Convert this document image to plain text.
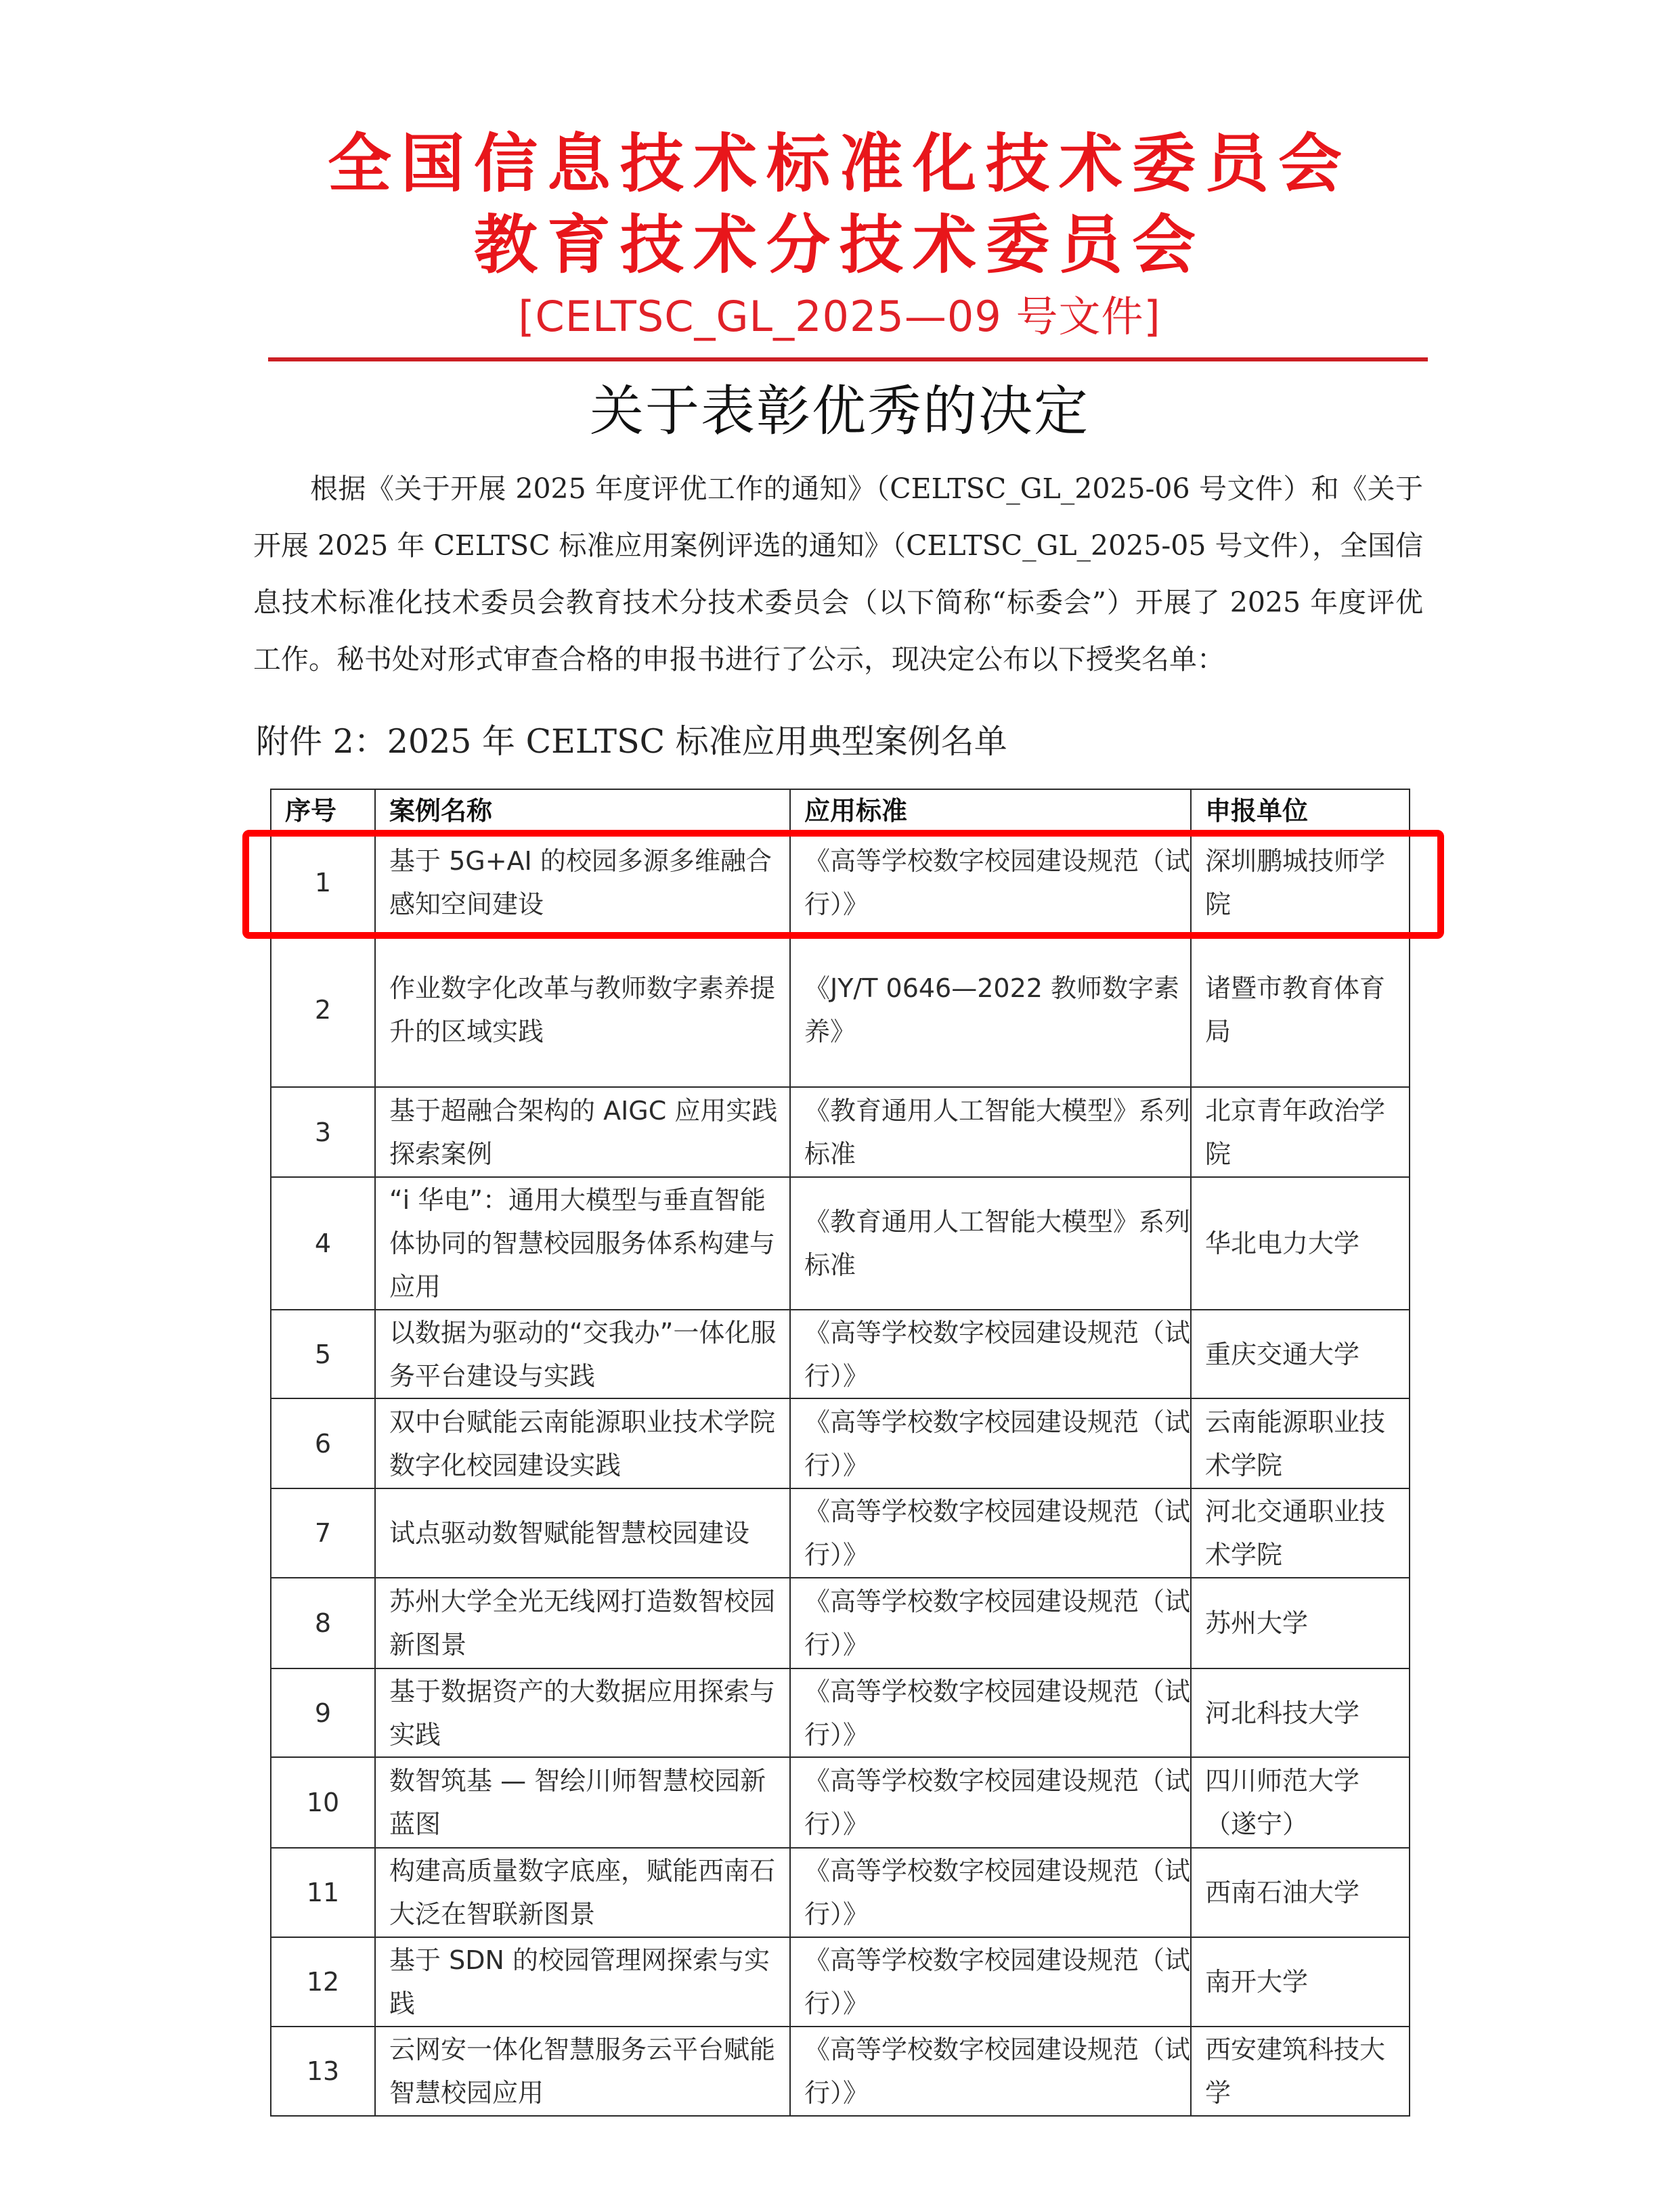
全国信息技术标准化技术委员会
教育技术分技术委员会
[CELTSC_GL_2025—09 号文件]
关于表彰优秀的决定
根据《关于开展 2025 年度评优工作的通知》（CELTSC_GL_2025-06 号文件）和《关于开展 2025 年 CELTSC 标准应用案例评选的通知》（CELTSC_GL_2025-05 号文件），全国信息技术标准化技术委员会教育技术分技术委员会（以下简称“标委会”）开展了 2025 年度评优工作。秘书处对形式审查合格的申报书进行了公示，现决定公布以下授奖名单：
附件 2：2025 年 CELTSC 标准应用典型案例名单
序号	案例名称	应用标准	申报单位
1	基于 5G+AI 的校园多源多维融合感知空间建设	《高等学校数字校园建设规范（试行）》	深圳鹏城技师学院
2	作业数字化改革与教师数字素养提升的区域实践	《JY/T 0646—2022 教师数字素养》	诸暨市教育体育局
3	基于超融合架构的 AIGC 应用实践探索案例	《教育通用人工智能大模型》系列标准	北京青年政治学院
4	“i 华电”：通用大模型与垂直智能体协同的智慧校园服务体系构建与应用	《教育通用人工智能大模型》系列标准	华北电力大学
5	以数据为驱动的“交我办”一体化服务平台建设与实践	《高等学校数字校园建设规范（试行）》	重庆交通大学
6	双中台赋能云南能源职业技术学院数字化校园建设实践	《高等学校数字校园建设规范（试行）》	云南能源职业技术学院
7	试点驱动数智赋能智慧校园建设	《高等学校数字校园建设规范（试行）》	河北交通职业技术学院
8	苏州大学全光无线网打造数智校园新图景	《高等学校数字校园建设规范（试行）》	苏州大学
9	基于数据资产的大数据应用探索与实践	《高等学校数字校园建设规范（试行）》	河北科技大学
10	数智筑基 — 智绘川师智慧校园新蓝图	《高等学校数字校园建设规范（试行）》	四川师范大学（遂宁）
11	构建高质量数字底座，赋能西南石大泛在智联新图景	《高等学校数字校园建设规范（试行）》	西南石油大学
12	基于 SDN 的校园管理网探索与实践	《高等学校数字校园建设规范（试行）》	南开大学
13	云网安一体化智慧服务云平台赋能智慧校园应用	《高等学校数字校园建设规范（试行）》	西安建筑科技大学
